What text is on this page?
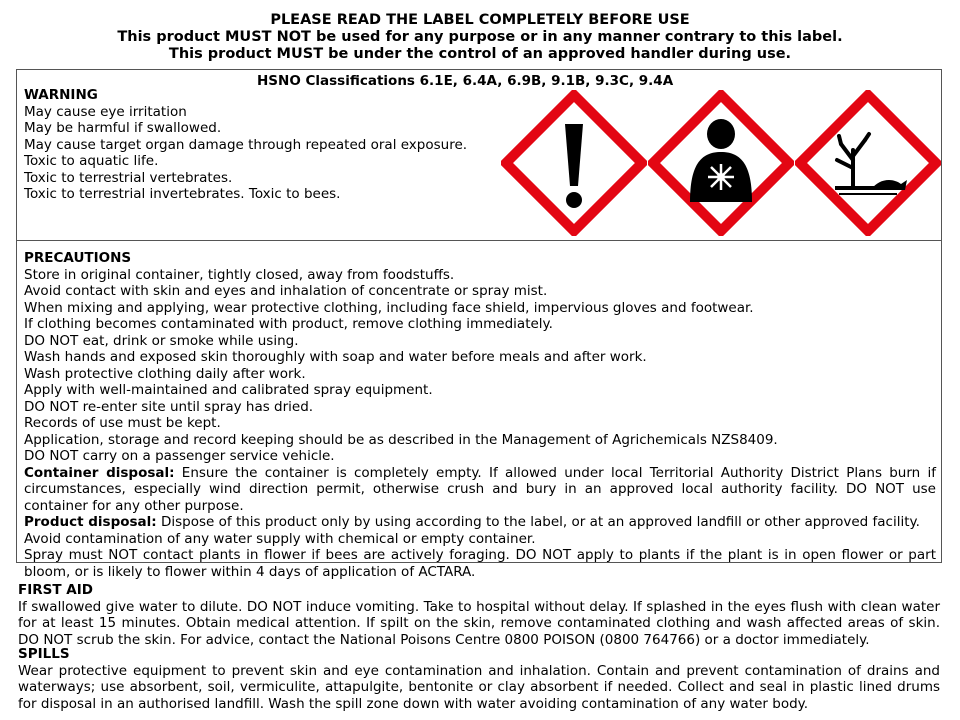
PLEASE READ THE LABEL COMPLETELY BEFORE USE
This product MUST NOT be used for any purpose or in any manner contrary to this label.
This product MUST be under the control of an approved handler during use.
HSNO Classifications 6.1E, 6.4A, 6.9B, 9.1B, 9.3C, 9.4A
WARNING
May cause eye irritation
May be harmful if swallowed.
May cause target organ damage through repeated oral exposure.
Toxic to aquatic life.
Toxic to terrestrial vertebrates.
Toxic to terrestrial invertebrates. Toxic to bees.
PRECAUTIONS
Store in original container, tightly closed, away from foodstuffs.
Avoid contact with skin and eyes and inhalation of concentrate or spray mist.
When mixing and applying, wear protective clothing, including face shield, impervious gloves and footwear.
If clothing becomes contaminated with product, remove clothing immediately.
DO NOT eat, drink or smoke while using.
Wash hands and exposed skin thoroughly with soap and water before meals and after work.
Wash protective clothing daily after work.
Apply with well-maintained and calibrated spray equipment.
DO NOT re-enter site until spray has dried.
Records of use must be kept.
Application, storage and record keeping should be as described in the Management of Agrichemicals NZS8409.
DO NOT carry on a passenger service vehicle.
Container disposal: Ensure the container is completely empty. If allowed under local Territorial Authority District Plans burn if circumstances, especially wind direction permit, otherwise crush and bury in an approved local authority facility. DO NOT use container for any other purpose.
Product disposal: Dispose of this product only by using according to the label, or at an approved landfill or other approved facility.
Avoid contamination of any water supply with chemical or empty container.
Spray must NOT contact plants in flower if bees are actively foraging. DO NOT apply to plants if the plant is in open flower or part bloom, or is likely to flower within 4 days of application of ACTARA.
FIRST AID
If swallowed give water to dilute. DO NOT induce vomiting. Take to hospital without delay. If splashed in the eyes flush with clean water for at least 15 minutes. Obtain medical attention. If spilt on the skin, remove contaminated clothing and wash affected areas of skin. DO NOT scrub the skin. For advice, contact the National Poisons Centre 0800 POISON (0800 764766) or a doctor immediately.
SPILLS
Wear protective equipment to prevent skin and eye contamination and inhalation. Contain and prevent contamination of drains and waterways; use absorbent, soil, vermiculite, attapulgite, bentonite or clay absorbent if needed. Collect and seal in plastic lined drums for disposal in an authorised landfill. Wash the spill zone down with water avoiding contamination of any water body.
